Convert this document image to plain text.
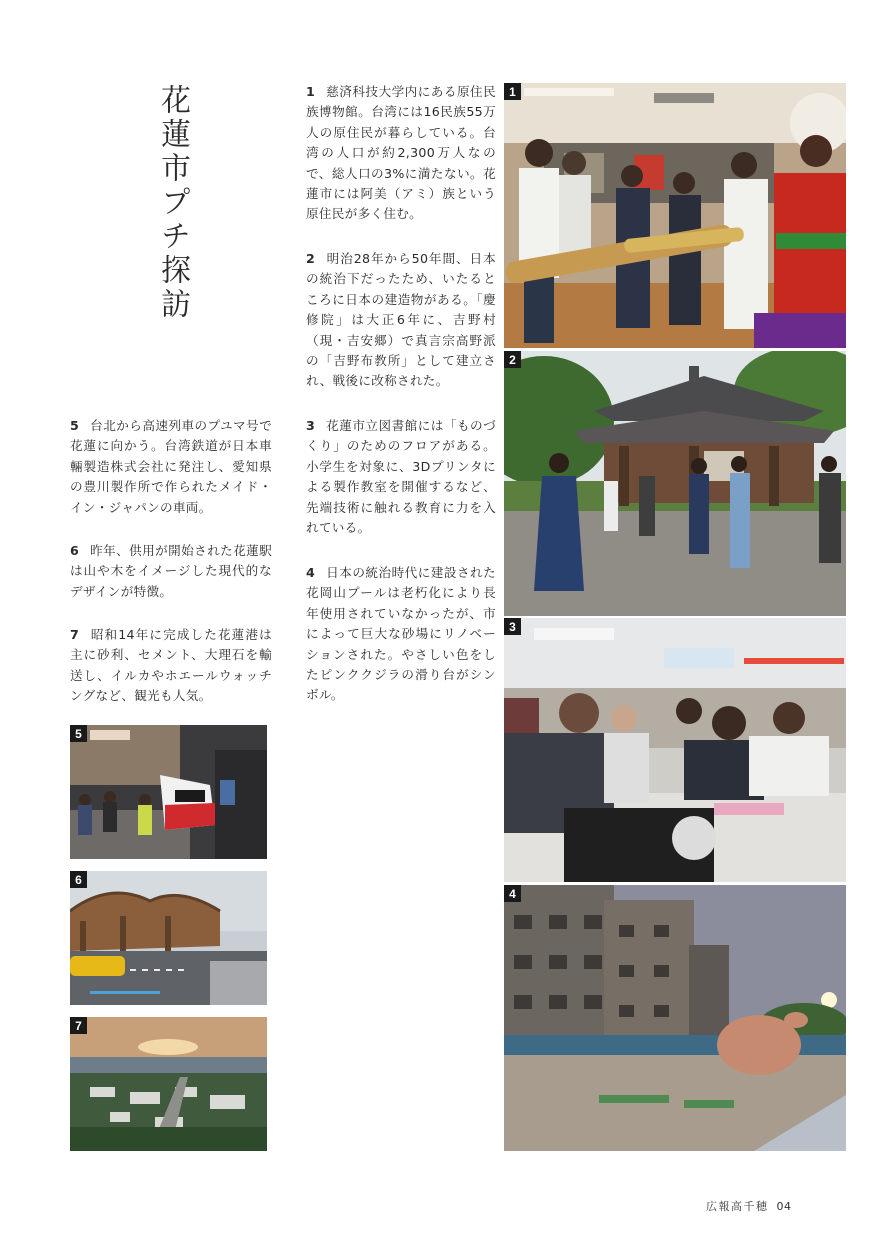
花蓮市プチ探訪	1 慈済科技大学内にある原住民族博物館。台湾には16民族55万人の原住民が暮らしている。台湾の人口が約2,300万人なので、総人口の3%に満たない。花蓮市には阿美（アミ）族という原住民が多く住む。
2 明治28年から50年間、日本の統治下だったため、いたるところに日本の建造物がある。「慶修院」は大正6年に、吉野村（現・吉安郷）で真言宗高野派の「吉野布教所」として建立され、戦後に改称された。
3 花蓮市立図書館には「ものづくり」のためのフロアがある。小学生を対象に、3Dプリンタによる製作教室を開催するなど、先端技術に触れる教育に力を入れている。
4 日本の統治時代に建設された花岡山プールは老朽化により長年使用されていなかったが、市によって巨大な砂場にリノベーションされた。やさしい色をしたピンククジラの滑り台がシンボル。
5 台北から高速列車のプユマ号で花蓮に向かう。台湾鉄道が日本車輛製造株式会社に発注し、愛知県の豊川製作所で作られたメイド・イン・ジャパンの車両。
6 昨年、供用が開始された花蓮駅は山や木をイメージした現代的なデザインが特徴。
7 昭和14年に完成した花蓮港は主に砂利、セメント、大理石を輸送し、イルカやホエールウォッチングなど、観光も人気。
1
2
3
4
5
6
7
広報高千穂 04
